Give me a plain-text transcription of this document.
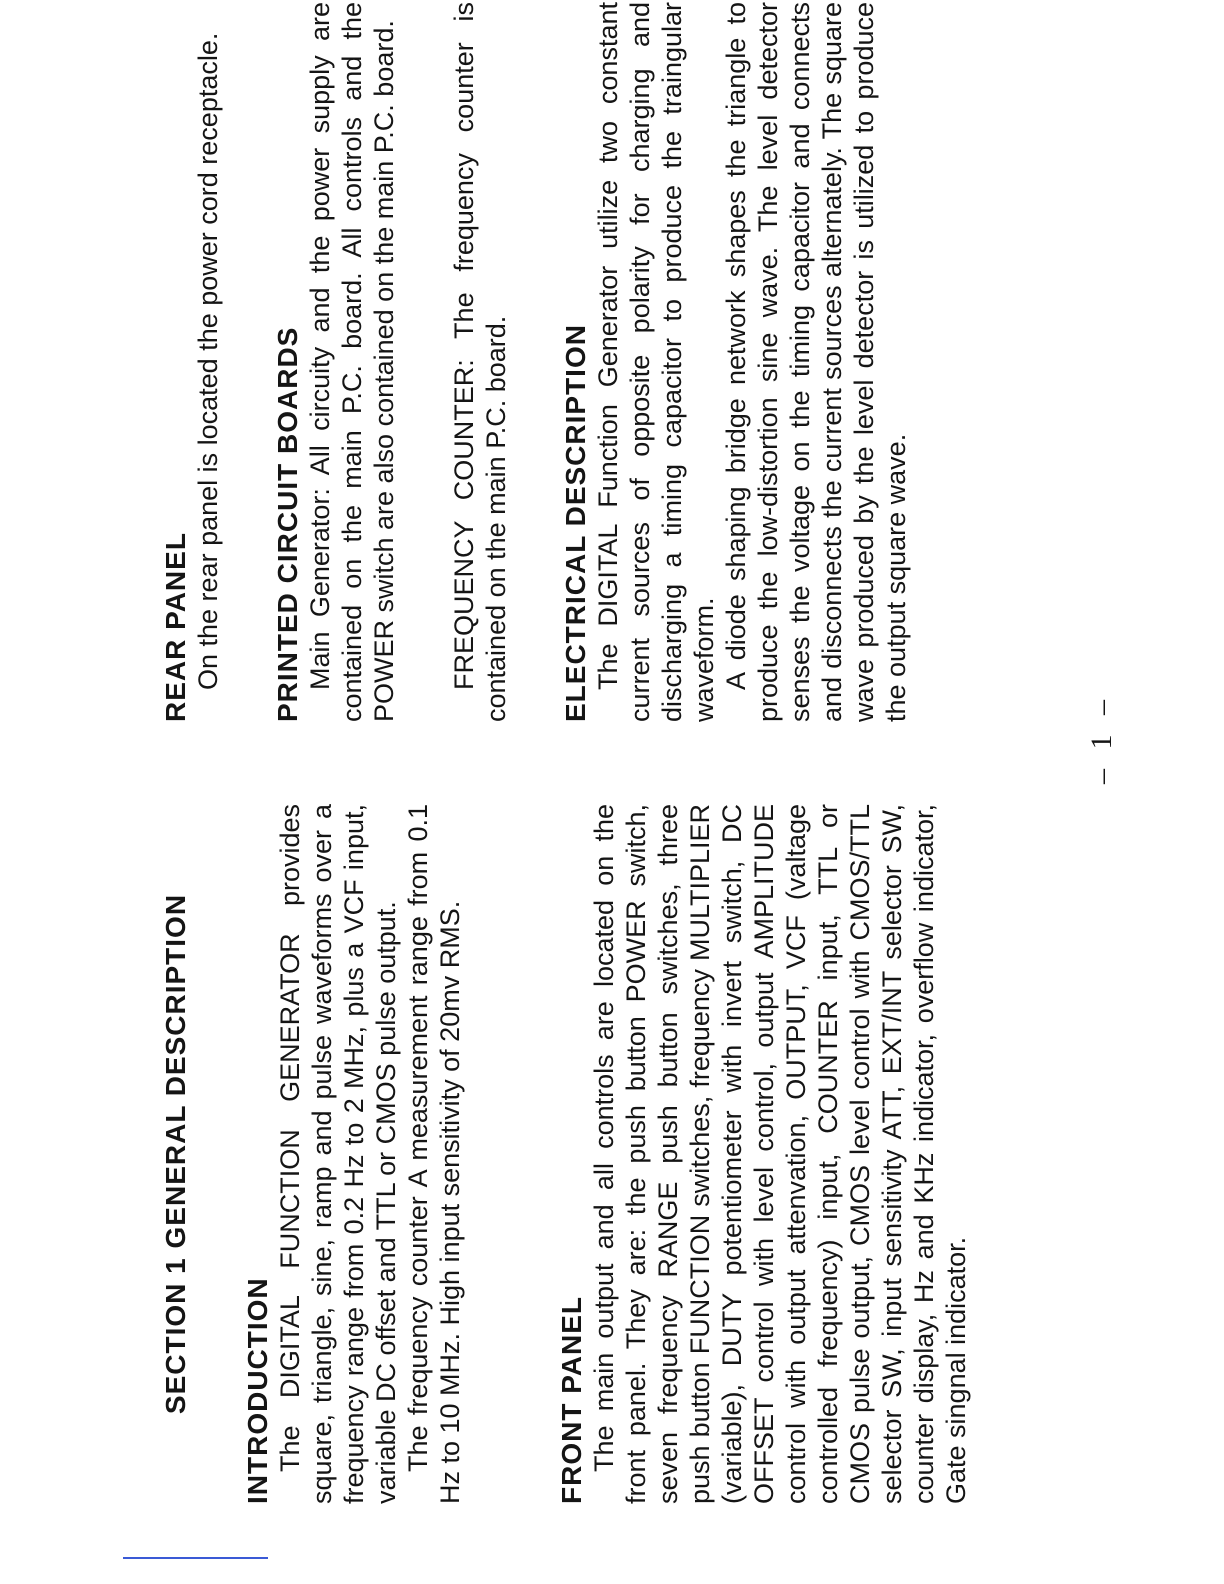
SECTION 1 GENERAL DESCRIPTION INTRODUCTION The DIGITAL FUNCTION GENERATOR provides square, triangle, sine, ramp and pulse waveforms over a frequency range from 0.2 Hz to 2 MHz, plus a VCF input, variable DC offset and TTL or CMOS pulse output. The frequency counter A measurement range from 0.1 Hz to 10 MHz. High input sensitivity of 20mv RMS.	FRONT PANEL The main output and all controls are located on the front panel. They are: the push button POWER switch, seven frequency RANGE push button switches, three push button FUNCTION switches, frequency MULTIPLIER (variable), DUTY potentiometer with invert switch, DC OFFSET control with level control, output AMPLITUDE control with output attenvation, OUTPUT, VCF (valtage controlled frequency) input, COUNTER input, TTL or CMOS pulse output, CMOS level control with CMOS/TTL selector SW, input sensitivity ATT, EXT/INT selector SW, counter display, Hz and KHz indicator, overflow indicator, Gate singnal indicator.

REAR PANEL On the rear panel is located the power cord receptacle. PRINTED CIRCUIT BOARDS Main Generator: All circuity and the power supply are contained on the main P.C. board. All controls and the POWER switch are also contained on the main P.C. board. FREQUENCY COUNTER: The frequency counter is contained on the main P.C. board. ELECTRICAL DESCRIPTION The DIGITAL Function Generator utilize two constant current sources of opposite polarity for charging and discharging a timing capacitor to produce the traingular waveform. A diode shaping bridge network shapes the triangle to produce the low-distortion sine wave. The level detector senses the voltage on the timing capacitor and connects and disconnects the current sources alternately. The square wave produced by the level detector is utilized to produce the output square wave.

– 1 –
